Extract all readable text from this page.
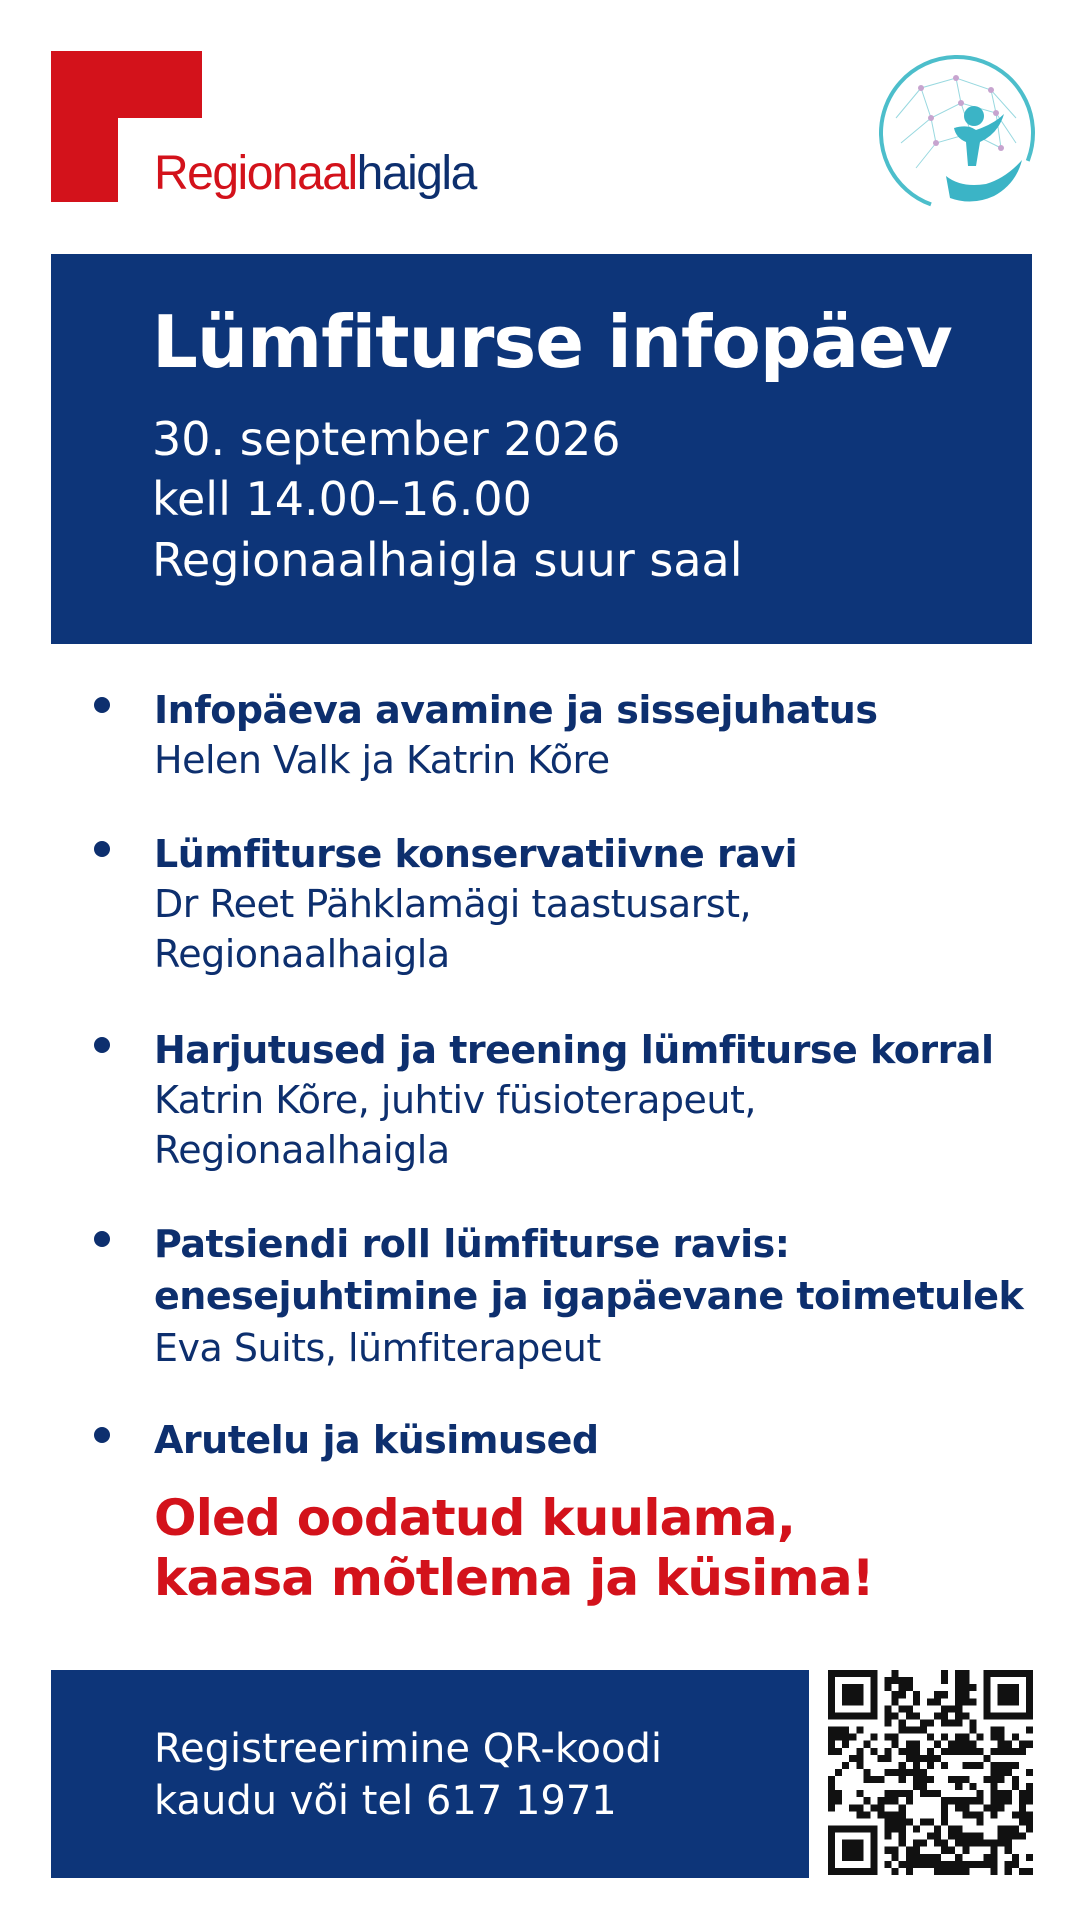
Regionaalhaigla
Lümfiturse infopäev
30. september 2026
kell 14.00–16.00
Regionaalhaigla suur saal
Infopäeva avamine ja sissejuhatus
Helen Valk ja Katrin Kõre
Lümfiturse konservatiivne ravi
Dr Reet Pähklamägi taastusarst,
Regionaalhaigla
Harjutused ja treening lümfiturse korral
Katrin Kõre, juhtiv füsioterapeut,
Regionaalhaigla
Patsiendi roll lümfiturse ravis:
enesejuhtimine ja igapäevane toimetulek
Eva Suits, lümfiterapeut
Arutelu ja küsimused
Oled oodatud kuulama,
kaasa mõtlema ja küsima!
Registreerimine QR-koodi
kaudu või tel 617 1971
